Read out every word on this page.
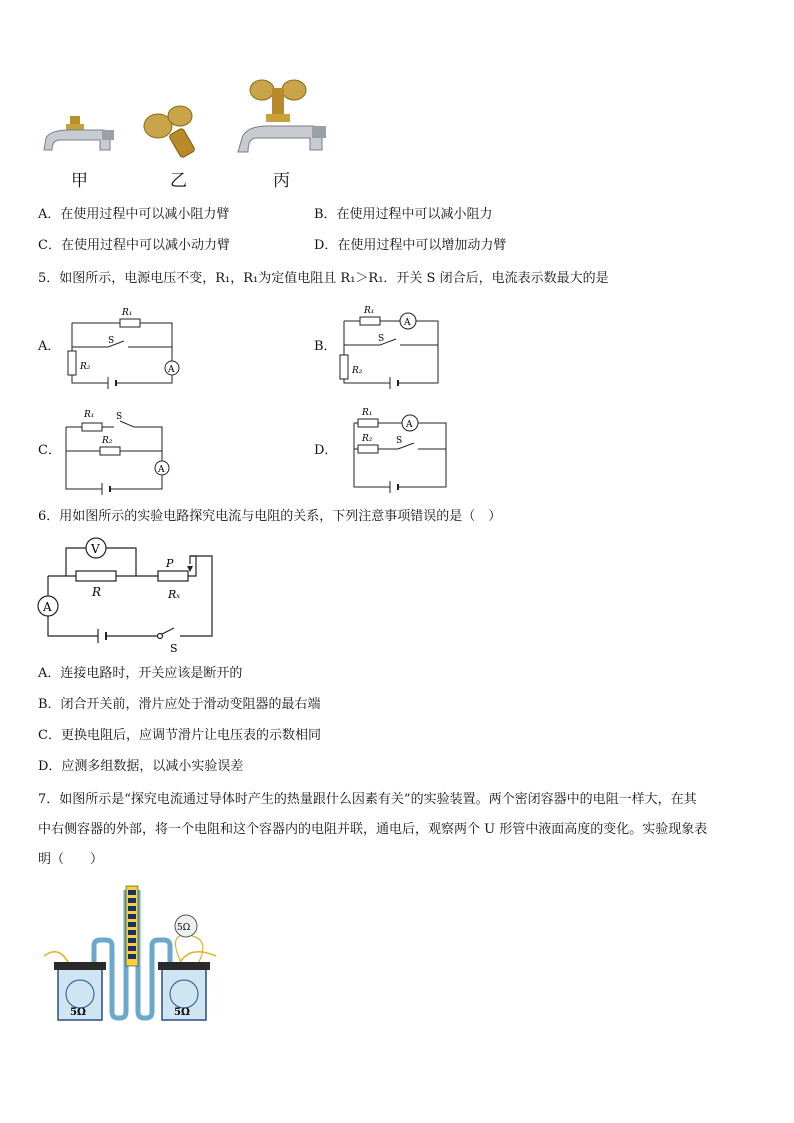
甲	乙	丙
A．在使用过程中可以减小阻力臂	B．在使用过程中可以减小阻力
C．在使用过程中可以减小动力臂	D．在使用过程中可以增加动力臂
5．如图所示，电源电压不变，R₁，R₁为定值电阻且 R₁＞R₁．开关 S 闭合后，电流表示数最大的是
A．	B．
C．	D．
R₁
R₂
S
A
R₁
R₂
S
A
R₁
R₂
S
A
R₁
R₂	S
A
6．用如图所示的实验电路探究电流与电阻的关系，下列注意事项错误的是（　）
V
A
R
P
Rₓ
S
A．连接电路时，开关应该是断开的
B．闭合开关前，滑片应处于滑动变阻器的最右端
C．更换电阻后，应调节滑片让电压表的示数相同
D．应测多组数据，以减小实验误差
7．如图所示是“探究电流通过导体时产生的热量跟什么因素有关”的实验装置。两个密闭容器中的电阻一样大，在其
中右侧容器的外部，将一个电阻和这个容器内的电阻并联，通电后，观察两个 U 形管中液面高度的变化。实验现象表
明（　　）
5Ω
5Ω	5Ω
